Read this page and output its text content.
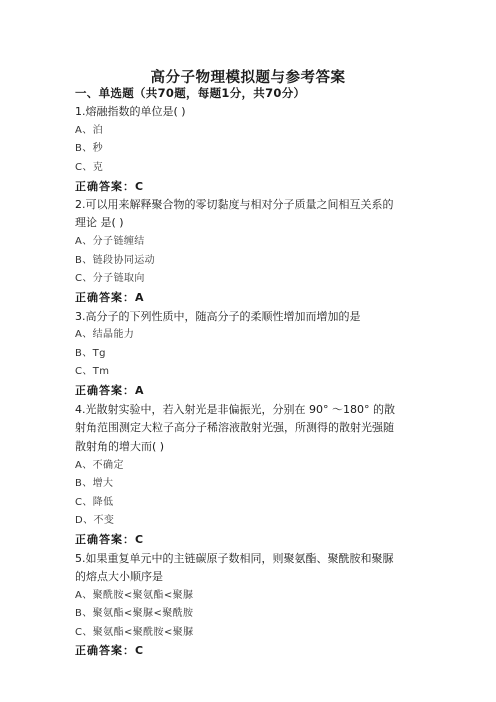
高分子物理模拟题与参考答案
一、单选题（共70题，每题1分，共70分）
1.熔融指数的单位是( )
A、泊
B、秒
C、克
正确答案：C
2.可以用来解释聚合物的零切黏度与相对分子质量之间相互关系的
理论 是( )
A、分子链缠结
B、链段协同运动
C、分子链取向
正确答案：A
3.高分子的下列性质中，随高分子的柔顺性增加而增加的是
A、结晶能力
B、Tg
C、Tm
正确答案：A
4.光散射实验中，若入射光是非偏振光，分别在 90° ～180° 的散
射角范围测定大粒子高分子稀溶液散射光强，所测得的散射光强随
散射角的增大而( )
A、不确定
B、增大
C、降低
D、不变
正确答案：C
5.如果重复单元中的主链碳原子数相同，则聚氨酯、聚酰胺和聚脲
的熔点大小顺序是
A、聚酰胺<聚氨酯<聚脲
B、聚氨酯<聚脲<聚酰胺
C、聚氨酯<聚酰胺<聚脲
正确答案：C
